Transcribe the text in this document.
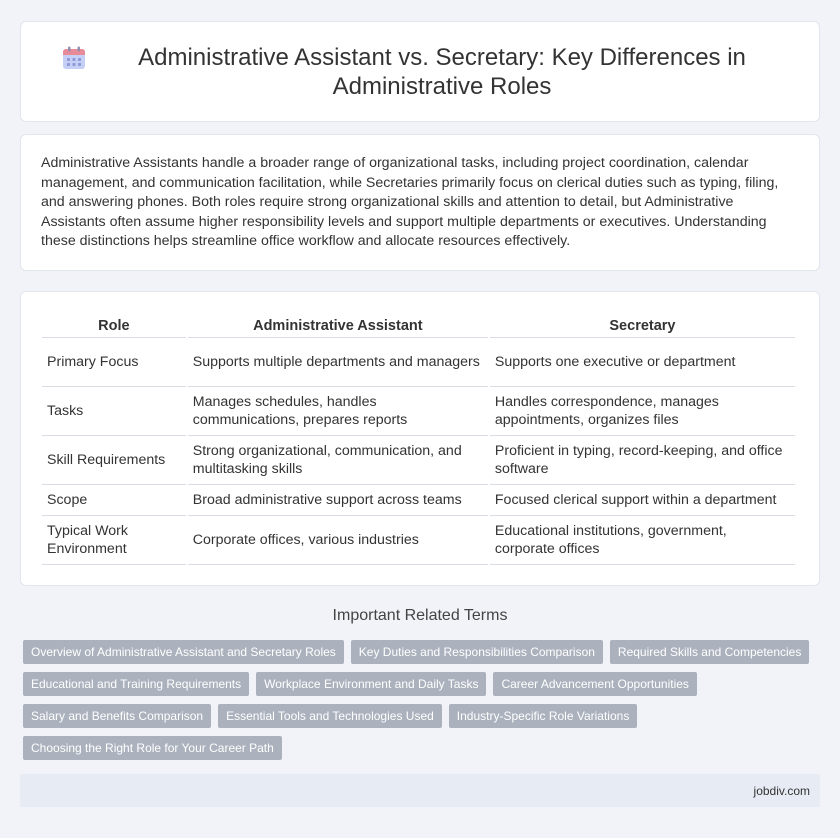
Administrative Assistant vs. Secretary: Key Differences in Administrative Roles

Administrative Assistants handle a broader range of organizational tasks, including project coordination, calendar management, and communication facilitation, while Secretaries primarily focus on clerical duties such as typing, filing, and answering phones. Both roles require strong organizational skills and attention to detail, but Administrative Assistants often assume higher responsibility levels and support multiple departments or executives. Understanding these distinctions helps streamline office workflow and allocate resources effectively.

Role	Administrative Assistant	Secretary
Primary Focus	Supports multiple departments and managers	Supports one executive or department
Tasks	Manages schedules, handles communications, prepares reports	Handles correspondence, manages appointments, organizes files
Skill Requirements	Strong organizational, communication, and multitasking skills	Proficient in typing, record-keeping, and office software
Scope	Broad administrative support across teams	Focused clerical support within a department
Typical Work Environment	Corporate offices, various industries	Educational institutions, government, corporate offices
Important Related Terms
Overview of Administrative Assistant and Secretary Roles	Key Duties and Responsibilities Comparison	Required Skills and Competencies
Educational and Training Requirements	Workplace Environment and Daily Tasks	Career Advancement Opportunities
Salary and Benefits Comparison	Essential Tools and Technologies Used	Industry-Specific Role Variations
Choosing the Right Role for Your Career Path
jobdiv.com
